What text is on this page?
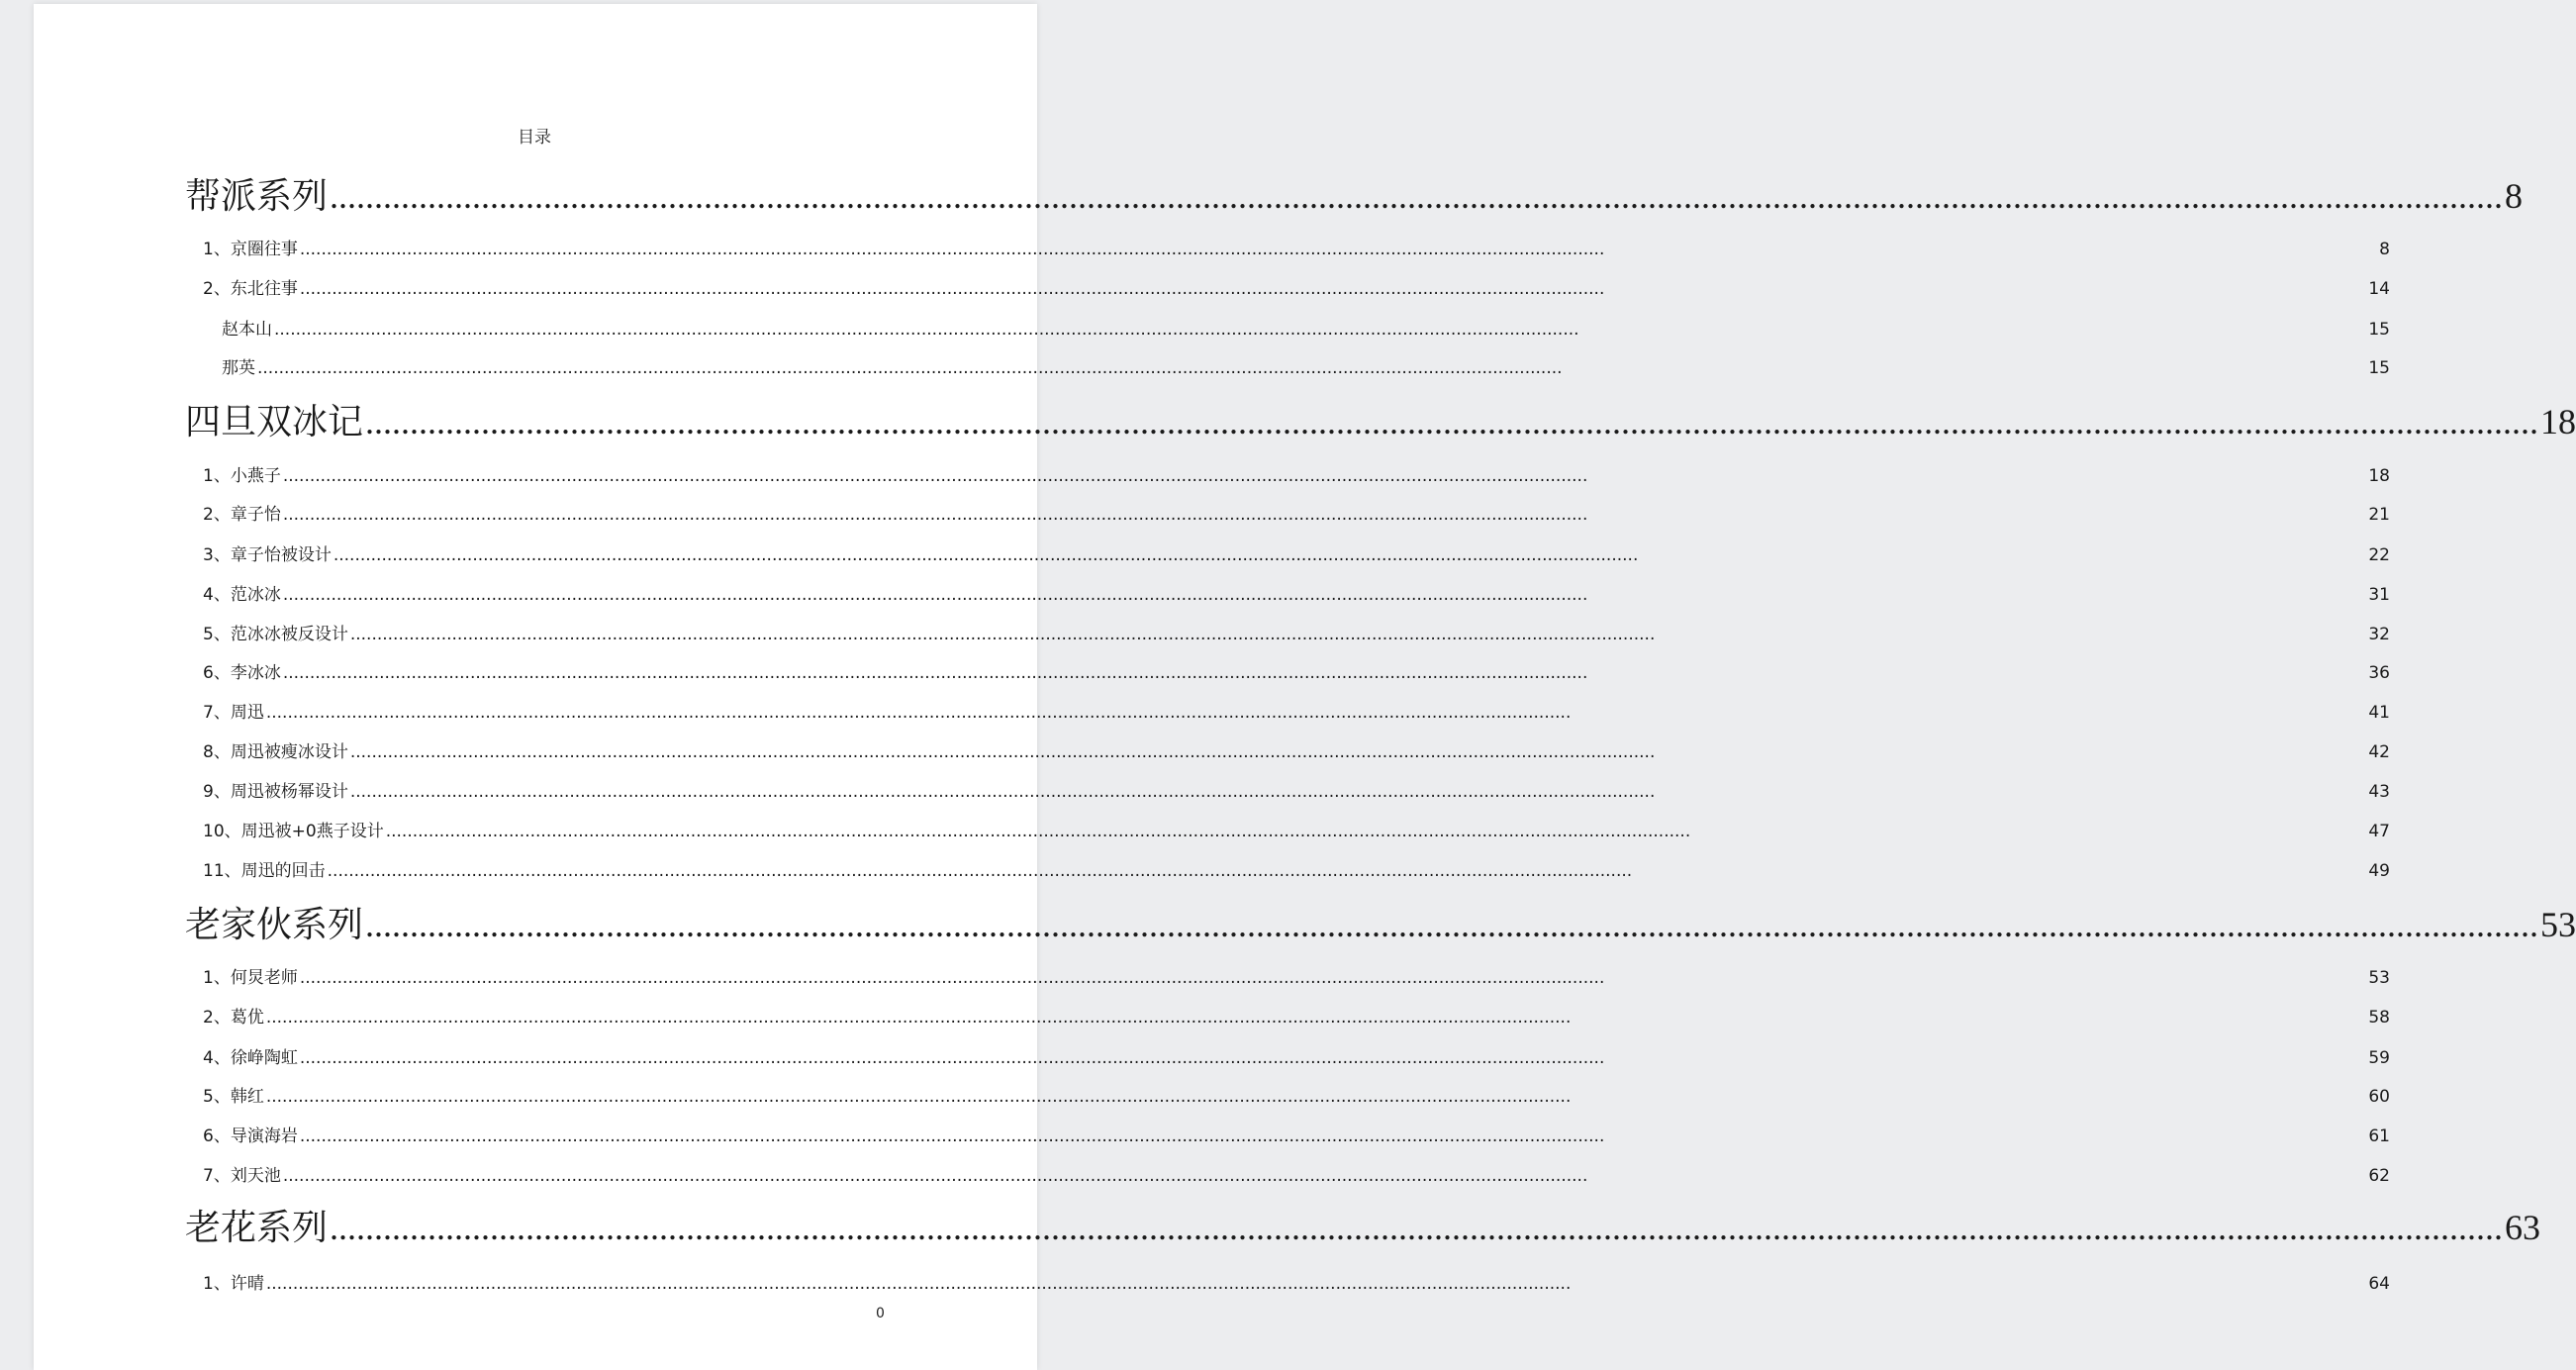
目录
帮派系列 .................................................................................................................................................................................................................................................... 8
1、京圈往事 ....................................................................................................................................................................................................................................................	8
2、东北往事 ....................................................................................................................................................................................................................................................	14
赵本山 ....................................................................................................................................................................................................................................................	15
那英 ....................................................................................................................................................................................................................................................	15
四旦双冰记 .................................................................................................................................................................................................................................................... 18
1、小燕子 ....................................................................................................................................................................................................................................................	18
2、章子怡 ....................................................................................................................................................................................................................................................	21
3、章子怡被设计 ....................................................................................................................................................................................................................................................	22
4、范冰冰 ....................................................................................................................................................................................................................................................	31
5、范冰冰被反设计 ....................................................................................................................................................................................................................................................	32
6、李冰冰 ....................................................................................................................................................................................................................................................	36
7、周迅 ....................................................................................................................................................................................................................................................	41
8、周迅被瘦冰设计 ....................................................................................................................................................................................................................................................	42
9、周迅被杨幂设计 ....................................................................................................................................................................................................................................................	43
10、周迅被+0燕子设计 ....................................................................................................................................................................................................................................................	47
11、周迅的回击 ....................................................................................................................................................................................................................................................	49
老家伙系列 .................................................................................................................................................................................................................................................... 53
1、何炅老师 ....................................................................................................................................................................................................................................................	53
2、葛优 ....................................................................................................................................................................................................................................................	58
4、徐峥陶虹 ....................................................................................................................................................................................................................................................	59
5、韩红 ....................................................................................................................................................................................................................................................	60
6、导演海岩 ....................................................................................................................................................................................................................................................	61
7、刘天池 ....................................................................................................................................................................................................................................................	62
老花系列 .................................................................................................................................................................................................................................................... 63
1、许晴 ....................................................................................................................................................................................................................................................	64
0
